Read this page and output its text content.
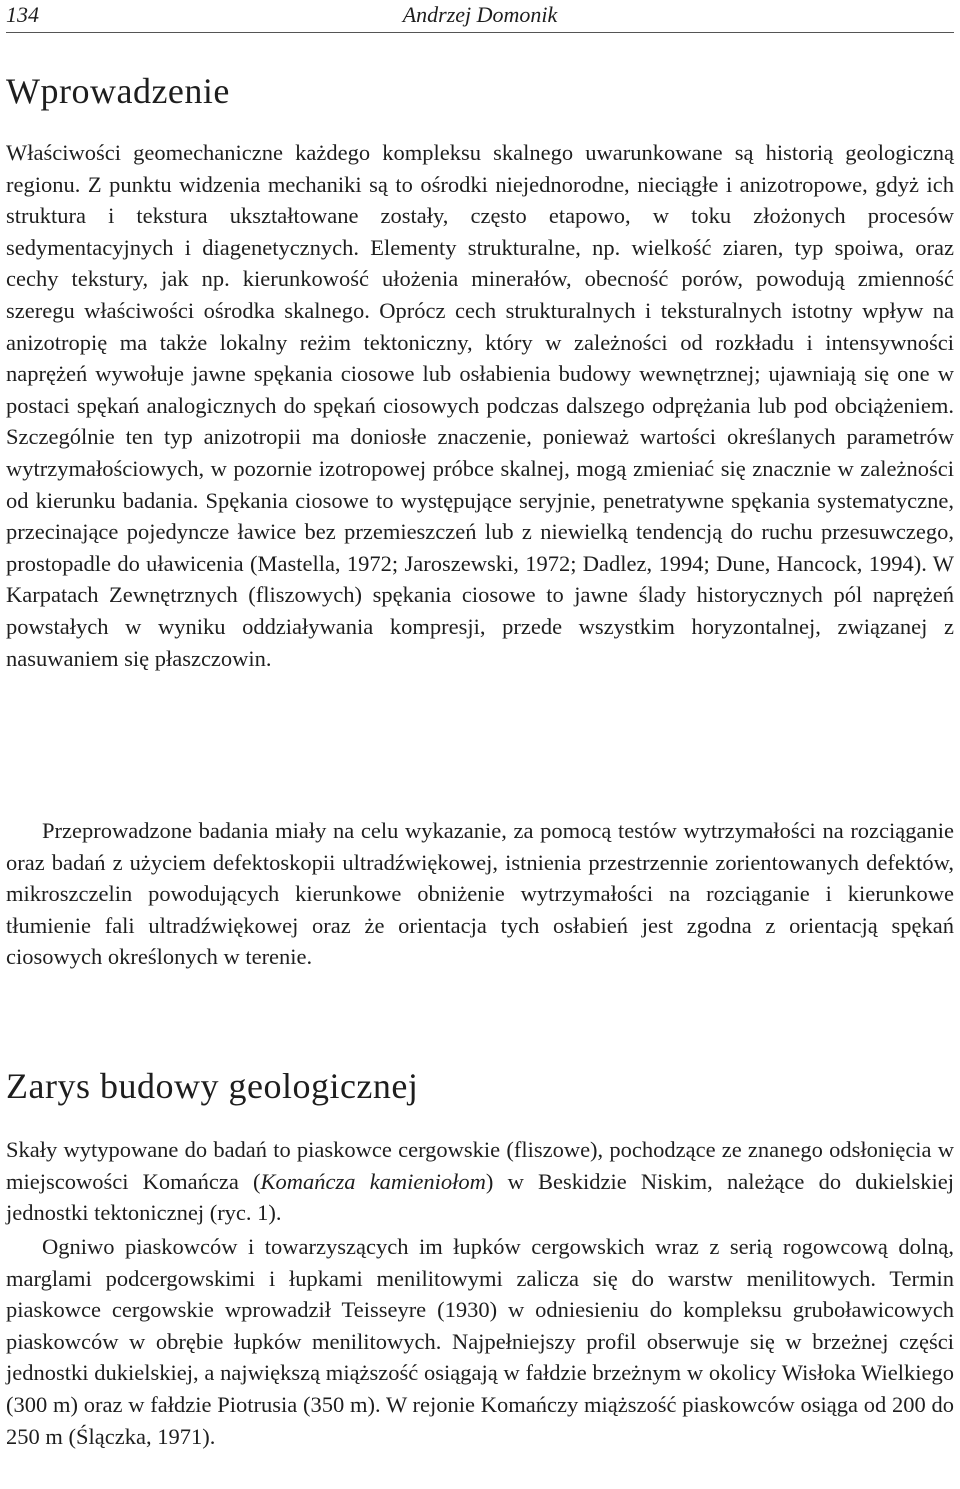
134	Andrzej Domonik
Wprowadzenie

Właściwości geomechaniczne każdego kompleksu skalnego uwarunkowane są historią geologiczną regionu. Z punktu widzenia mechaniki są to ośrodki niejednorodne, nieciągłe i anizotropowe, gdyż ich struktura i tekstura ukształtowane zostały, często etapowo, w toku złożonych procesów sedymentacyjnych i diagenetycznych. Elementy strukturalne, np. wielkość ziaren, typ spoiwa, oraz cechy tekstury, jak np. kierunkowość ułożenia minerałów, obecność porów, powodują zmienność szeregu właściwości ośrodka skalnego. Oprócz cech strukturalnych i teksturalnych istotny wpływ na anizotropię ma także lokalny reżim tektoniczny, który w zależności od rozkładu i intensywności naprężeń wywołuje jawne spękania ciosowe lub osłabienia budowy wewnętrznej; ujawniają się one w postaci spękań analogicznych do spękań ciosowych podczas dalszego odprężania lub pod obciążeniem. Szczególnie ten typ anizotropii ma doniosłe znaczenie, ponieważ wartości określanych parametrów wytrzymałościowych, w pozornie izotropowej próbce skalnej, mogą zmieniać się znacznie w zależności od kierunku badania. Spękania ciosowe to występujące seryjnie, penetratywne spękania systematyczne, przecinające pojedyncze ławice bez przemieszczeń lub z niewielką tendencją do ruchu przesuwczego, prostopadle do uławicenia (Mastella, 1972; Jaroszewski, 1972; Dadlez, 1994; Dune, Hancock, 1994). W Karpatach Zewnętrznych (fliszowych) spękania ciosowe to jawne ślady historycznych pól naprężeń powstałych w wyniku oddziaływania kompresji, przede wszystkim horyzontalnej, związanej z nasuwaniem się płaszczowin.

Przeprowadzone badania miały na celu wykazanie, za pomocą testów wytrzymałości na rozciąganie oraz badań z użyciem defektoskopii ultradźwiękowej, istnienia przestrzennie zorientowanych defektów, mikroszczelin powodujących kierunkowe obniżenie wytrzymałości na rozciąganie i kierunkowe tłumienie fali ultradźwiękowej oraz że orientacja tych osłabień jest zgodna z orientacją spękań ciosowych określonych w terenie.

Zarys budowy geologicznej

Skały wytypowane do badań to piaskowce cergowskie (fliszowe), pochodzące ze znanego odsłonięcia w miejscowości Komańcza (Komańcza kamieniołom) w Beskidzie Niskim, należące do dukielskiej jednostki tektonicznej (ryc. 1).

Ogniwo piaskowców i towarzyszących im łupków cergowskich wraz z serią rogowcową dolną, marglami podcergowskimi i łupkami menilitowymi zalicza się do warstw menilitowych. Termin piaskowce cergowskie wprowadził Teisseyre (1930) w odniesieniu do kompleksu gruboławicowych piaskowców w obrębie łupków menilitowych. Najpełniejszy profil obserwuje się w brzeżnej części jednostki dukielskiej, a największą miąższość osiągają w fałdzie brzeżnym w okolicy Wisłoka Wielkiego (300 m) oraz w fałdzie Piotrusia (350 m). W rejonie Komańczy miąższość piaskowców osiąga od 200 do 250 m (Ślączka, 1971).
